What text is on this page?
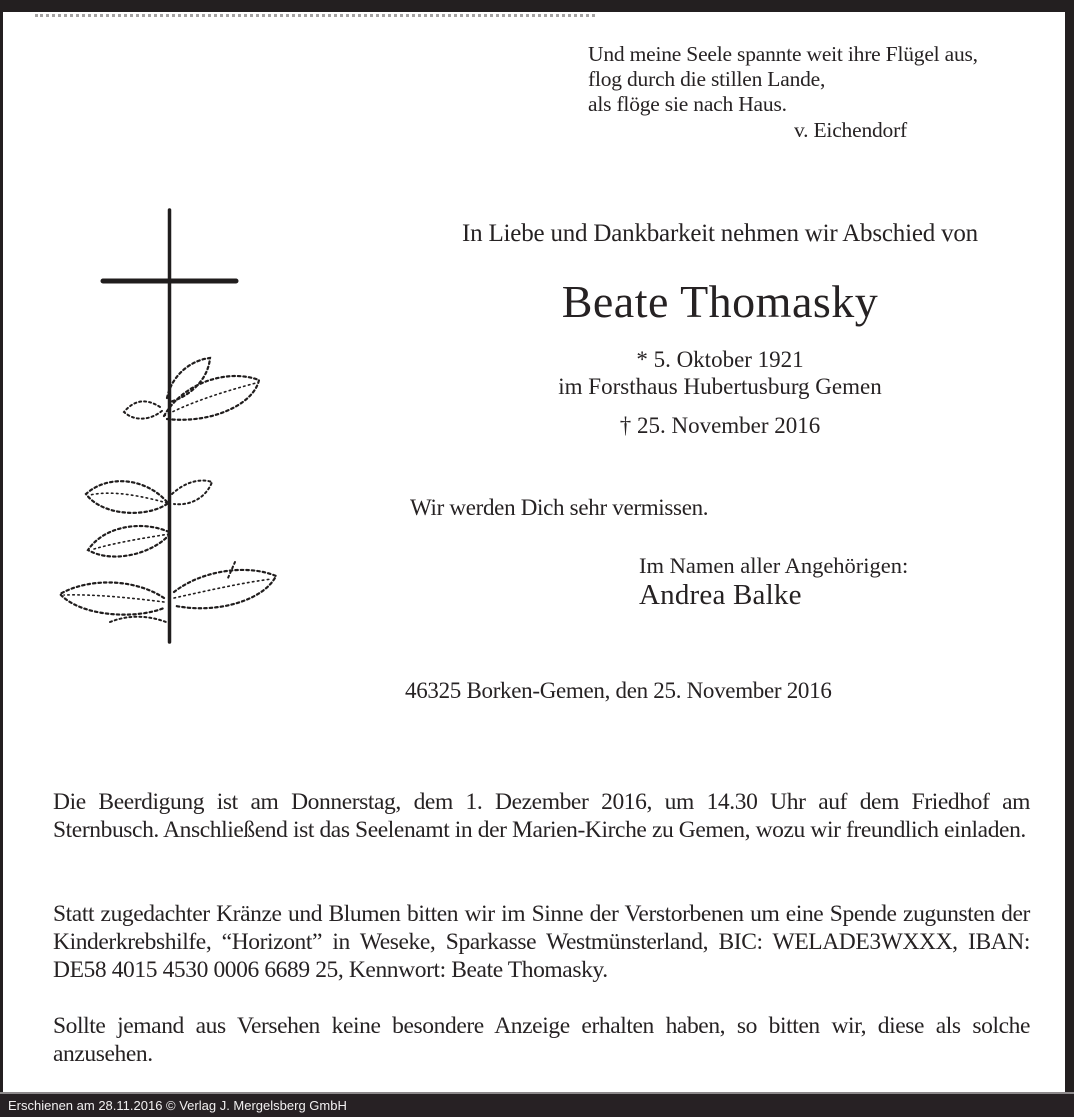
Und meine Seele spannte weit ihre Flügel aus,
flog durch die stillen Lande,
als flöge sie nach Haus.
v. Eichendorf
In Liebe und Dankbarkeit nehmen wir Abschied von
Beate Thomasky
* 5. Oktober 1921
im Forsthaus Hubertusburg Gemen
† 25. November 2016
Wir werden Dich sehr vermissen.
Im Namen aller Angehörigen:
Andrea Balke
46325 Borken-Gemen, den 25. November 2016
Die Beerdigung ist am Donnerstag, dem 1. Dezember 2016, um 14.30 Uhr auf dem Friedhof am Sternbusch. Anschließend ist das Seelenamt in der Marien-Kirche zu Gemen, wozu wir freundlich einladen.
Statt zugedachter Kränze und Blumen bitten wir im Sinne der Verstorbenen um eine Spende zugunsten der Kinderkrebshilfe, “Horizont” in Weseke, Sparkasse Westmünsterland, BIC: WELADE3WXXX, IBAN: DE58 4015 4530 0006 6689 25, Kennwort: Beate Thomasky.
Sollte jemand aus Versehen keine besondere Anzeige erhalten haben, so bitten wir, diese als solche anzusehen.
Erschienen am 28.11.2016 © Verlag J. Mergelsberg GmbH
